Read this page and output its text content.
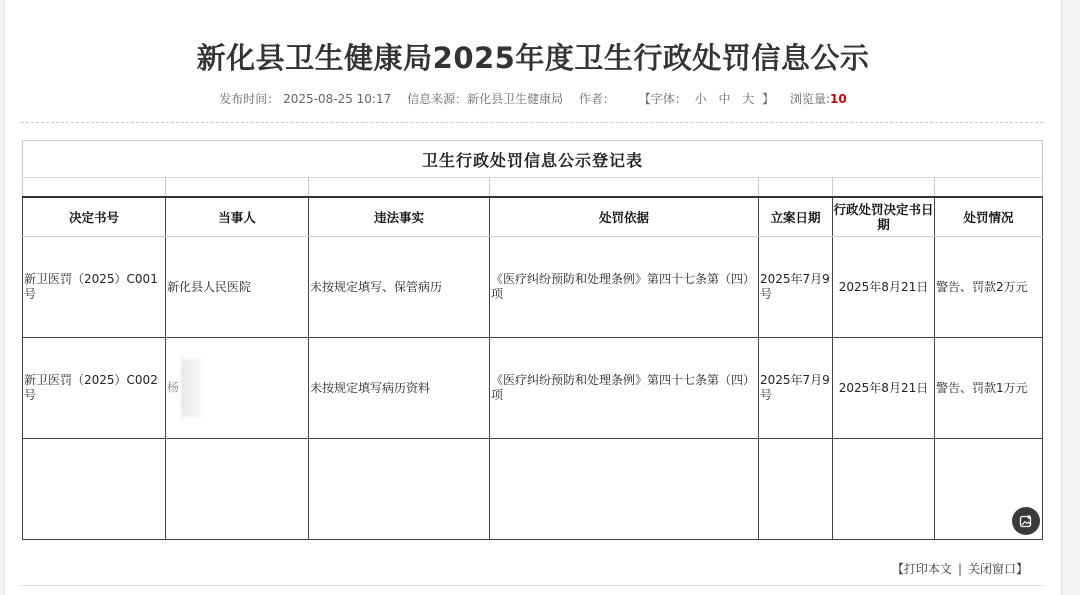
新化县卫生健康局2025年度卫生行政处罚信息公示
发布时间： 2025-08-25 10:17 信息来源：新化县卫生健康局 作者： 【字体： 小 中 大 】 浏览量:10
卫生行政处罚信息公示登记表						

决定书号	当事人	违法事实	处罚依据	立案日期	行政处罚决定书日期	处罚情况
新卫医罚（2025）C001号	新化县人民医院	未按规定填写、保管病历	《医疗纠纷预防和处理条例》第四十七条第（四）项	2025年7月9号	2025年8月21日	警告、罚款2万元
新卫医罚（2025）C002号	杨	未按规定填写病历资料	《医疗纠纷预防和处理条例》第四十七条第（四）项	2025年7月9号	2025年8月21日	警告、罚款1万元

【打印本文 | 关闭窗口】
